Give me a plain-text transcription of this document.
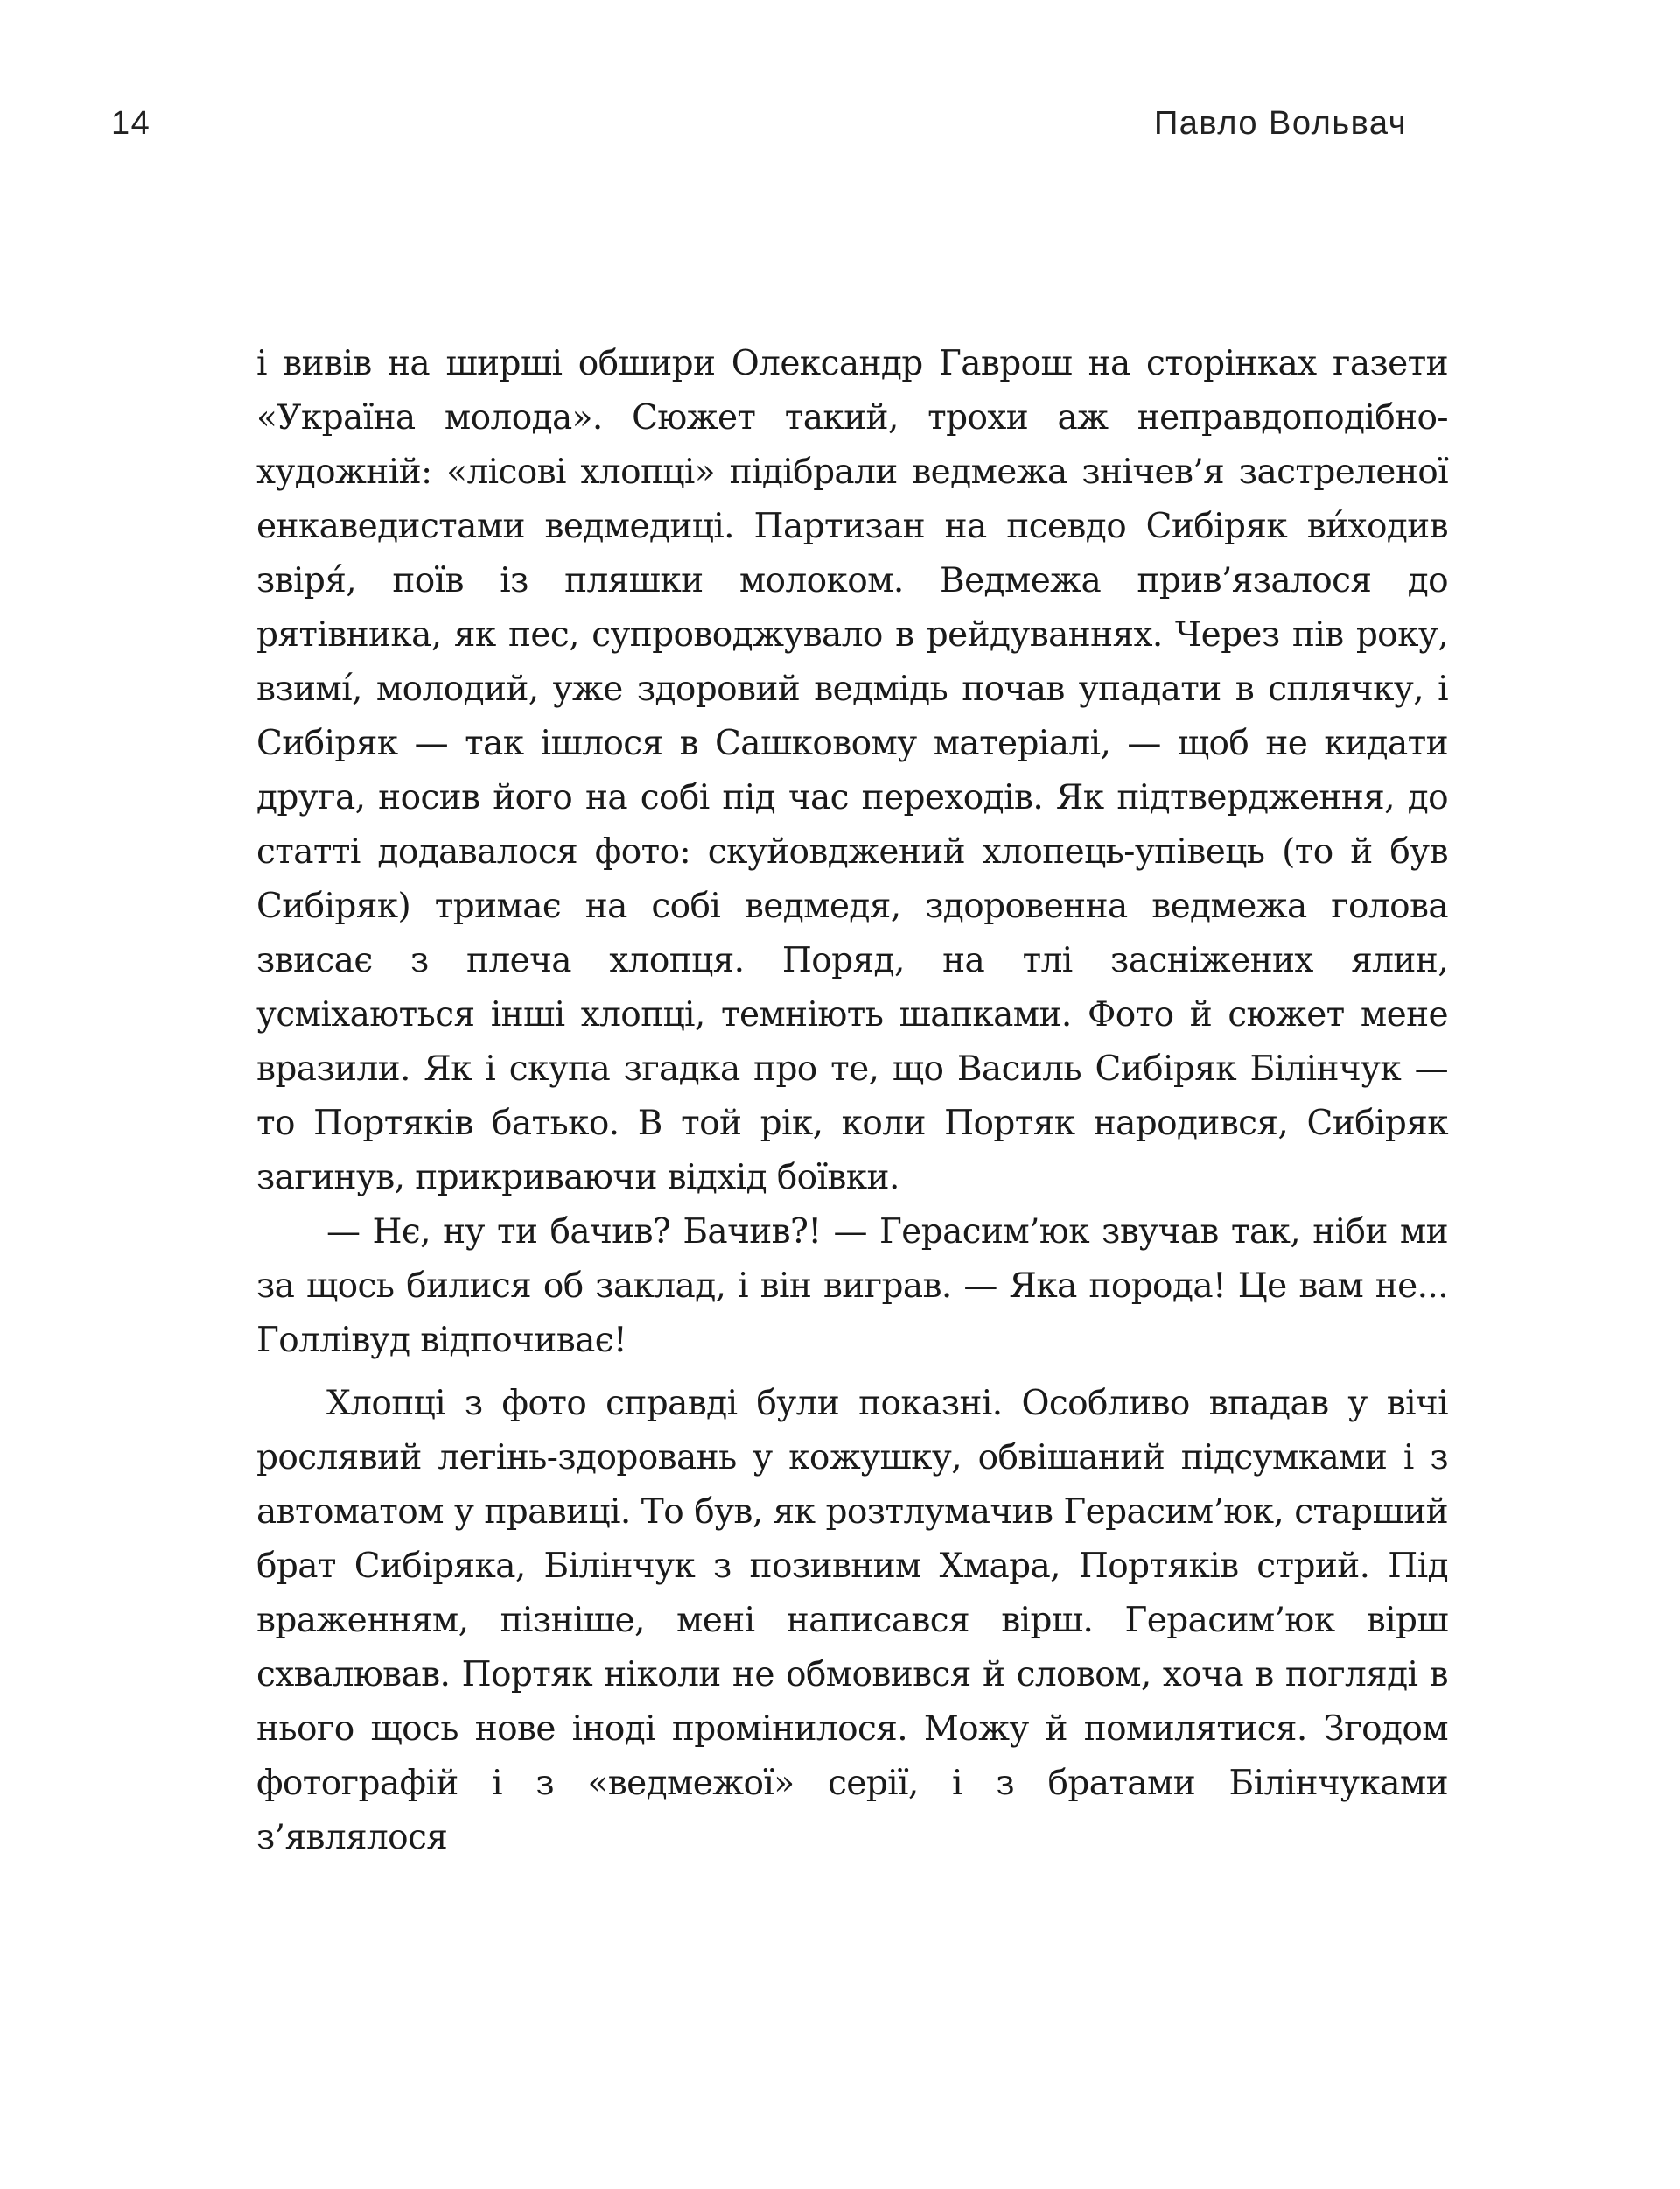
14	Павло Вольвач

і вивів на ширші обшири Олександр Гаврош на сторінках газети «Україна молода». Сюжет такий, трохи аж неправдоподібно-художній: «лісові хлопці» підібрали ведмежа знічев’я застреленої енкаведистами ведмедиці. Партизан на псевдо Сибіряк ви́ходив звіря́, поїв із пляшки молоком. Ведмежа прив’язалося до рятівника, як пес, супроводжувало в рейдуваннях. Через пів року, взимі́, молодий, уже здоровий ведмідь почав упадати в сплячку, і Сибіряк — так ішлося в Сашковому матеріалі, — щоб не кидати друга, носив його на собі під час переходів. Як підтвердження, до статті додавалося фото: скуйовджений хлопець-упівець (то й був Сибіряк) тримає на собі ведмедя, здоровенна ведмежа голова звисає з плеча хлопця. Поряд, на тлі засніжених ялин, усміхаються інші хлопці, темніють шапками. Фото й сюжет мене вразили. Як і скупа згадка про те, що Василь Сибіряк Білінчук — то Портяків батько. В той рік, коли Портяк народився, Сибіряк загинув, прикриваючи відхід боївки.

— Нє, ну ти бачив? Бачив?! — Герасим’юк звучав так, ніби ми за щось билися об заклад, і він виграв. — Яка порода! Це вам не... Голлівуд відпочиває!

Хлопці з фото справді були показні. Особливо впадав у вічі рослявий легінь-здоровань у кожушку, обвішаний підсумками і з автоматом у правиці. То був, як розтлумачив Герасим’юк, старший брат Сибіряка, Білінчук з позивним Хмара, Портяків стрий. Під враженням, пізніше, мені написався вірш. Герасим’юк вірш схвалював. Портяк ніколи не обмовився й словом, хоча в погляді в нього щось нове іноді промінилося. Можу й помилятися. Згодом фотографій і з «ведмежої» серії, і з братами Білінчуками з’являлося
